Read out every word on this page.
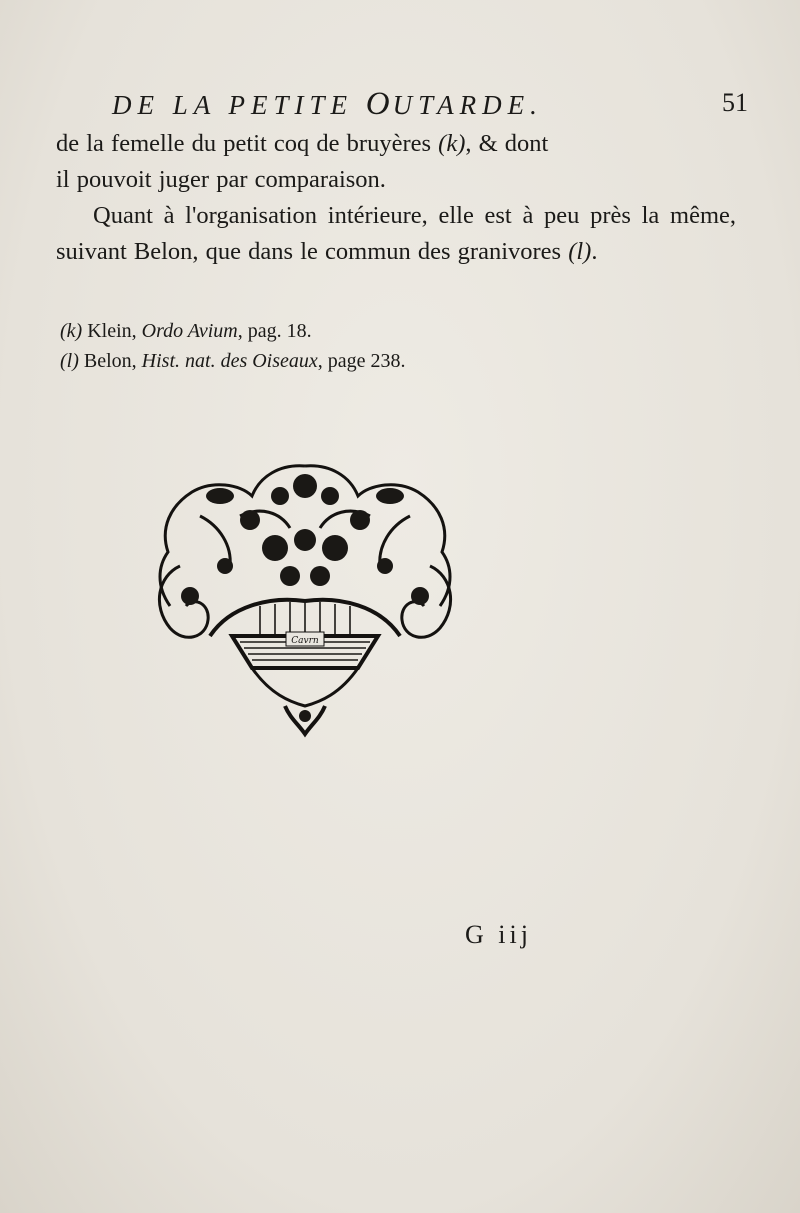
DE LA PETITE OUTARDE.	51

de la femelle du petit coq de bruyères (k), & dont
il pouvoit juger par comparaison.

Quant à l'organisation intérieure, elle est à peu près la même, suivant Belon, que dans le commun des granivores (l).

(k) Klein, Ordo Avium, pag. 18.

(l) Belon, Hist. nat. des Oiseaux, page 238.

Cavrn
G iij
